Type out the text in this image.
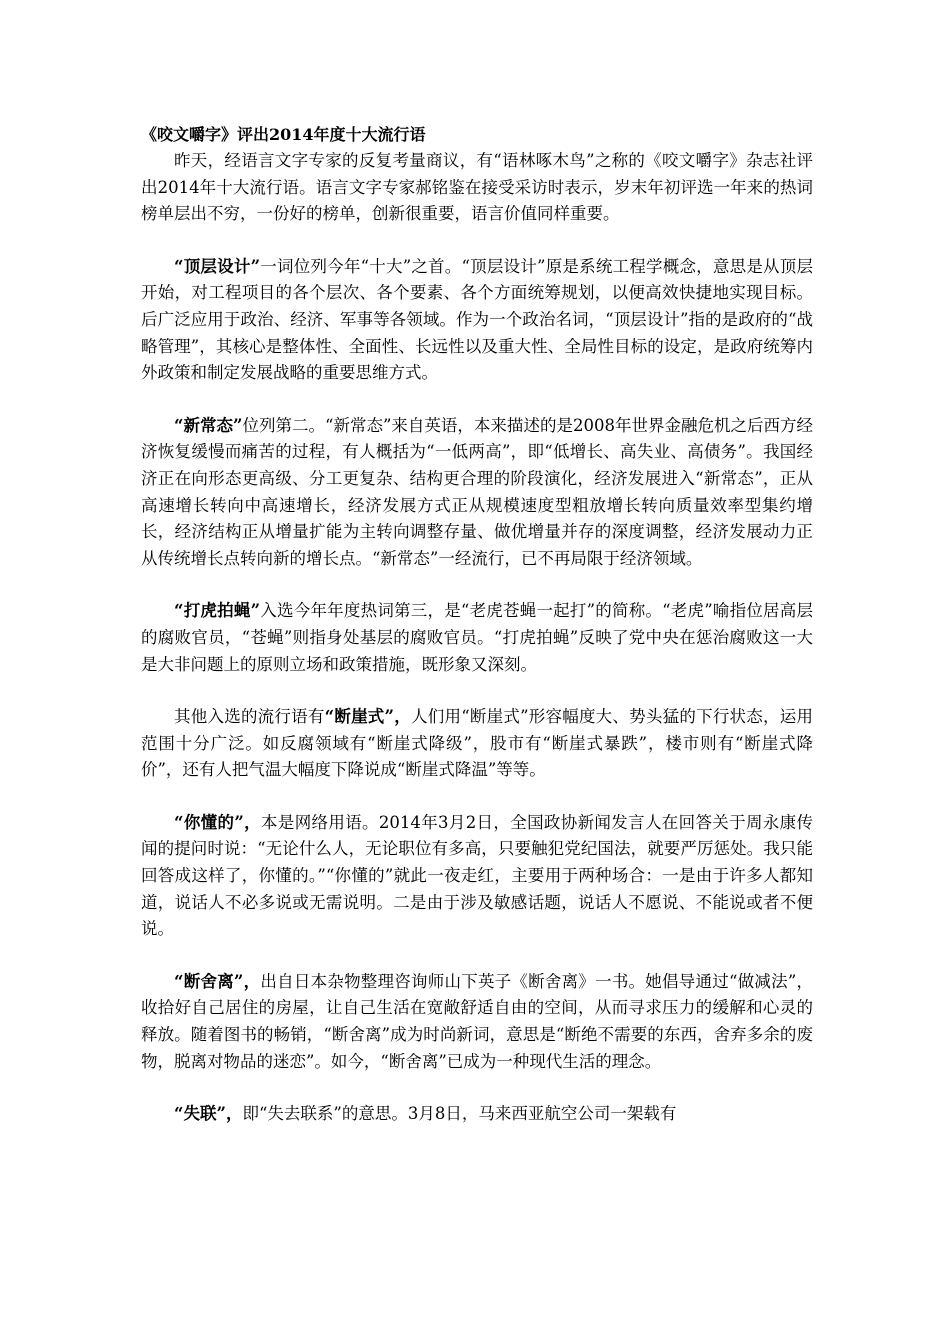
《咬文嚼字》评出2014年度十大流行语

昨天，经语言文字专家的反复考量商议，有“语林啄木鸟”之称的《咬文嚼字》杂志社评出2014年十大流行语。语言文字专家郝铭鉴在接受采访时表示，岁末年初评选一年来的热词榜单层出不穷，一份好的榜单，创新很重要，语言价值同样重要。

“顶层设计”一词位列今年“十大”之首。“顶层设计”原是系统工程学概念，意思是从顶层开始，对工程项目的各个层次、各个要素、各个方面统筹规划，以便高效快捷地实现目标。后广泛应用于政治、经济、军事等各领域。作为一个政治名词，“顶层设计”指的是政府的“战略管理”，其核心是整体性、全面性、长远性以及重大性、全局性目标的设定，是政府统筹内外政策和制定发展战略的重要思维方式。

“新常态”位列第二。“新常态”来自英语，本来描述的是2008年世界金融危机之后西方经济恢复缓慢而痛苦的过程，有人概括为“一低两高”，即“低增长、高失业、高债务”。我国经济正在向形态更高级、分工更复杂、结构更合理的阶段演化，经济发展进入“新常态”，正从高速增长转向中高速增长，经济发展方式正从规模速度型粗放增长转向质量效率型集约增长，经济结构正从增量扩能为主转向调整存量、做优增量并存的深度调整，经济发展动力正从传统增长点转向新的增长点。“新常态”一经流行，已不再局限于经济领域。

“打虎拍蝇”入选今年年度热词第三，是“老虎苍蝇一起打”的简称。“老虎”喻指位居高层的腐败官员，“苍蝇”则指身处基层的腐败官员。“打虎拍蝇”反映了党中央在惩治腐败这一大是大非问题上的原则立场和政策措施，既形象又深刻。

其他入选的流行语有“断崖式”，人们用“断崖式”形容幅度大、势头猛的下行状态，运用范围十分广泛。如反腐领域有“断崖式降级”，股市有“断崖式暴跌”，楼市则有“断崖式降价”，还有人把气温大幅度下降说成“断崖式降温”等等。

“你懂的”，本是网络用语。2014年3月2日，全国政协新闻发言人在回答关于周永康传闻的提问时说：“无论什么人，无论职位有多高，只要触犯党纪国法，就要严厉惩处。我只能回答成这样了，你懂的。”“你懂的”就此一夜走红，主要用于两种场合：一是由于许多人都知道，说话人不必多说或无需说明。二是由于涉及敏感话题，说话人不愿说、不能说或者不便说。

“断舍离”，出自日本杂物整理咨询师山下英子《断舍离》一书。她倡导通过“做减法”，收拾好自己居住的房屋，让自己生活在宽敞舒适自由的空间，从而寻求压力的缓解和心灵的释放。随着图书的畅销，“断舍离”成为时尚新词，意思是“断绝不需要的东西，舍弃多余的废物，脱离对物品的迷恋”。如今，“断舍离”已成为一种现代生活的理念。

“失联”，即“失去联系”的意思。3月8日，马来西亚航空公司一架载有
